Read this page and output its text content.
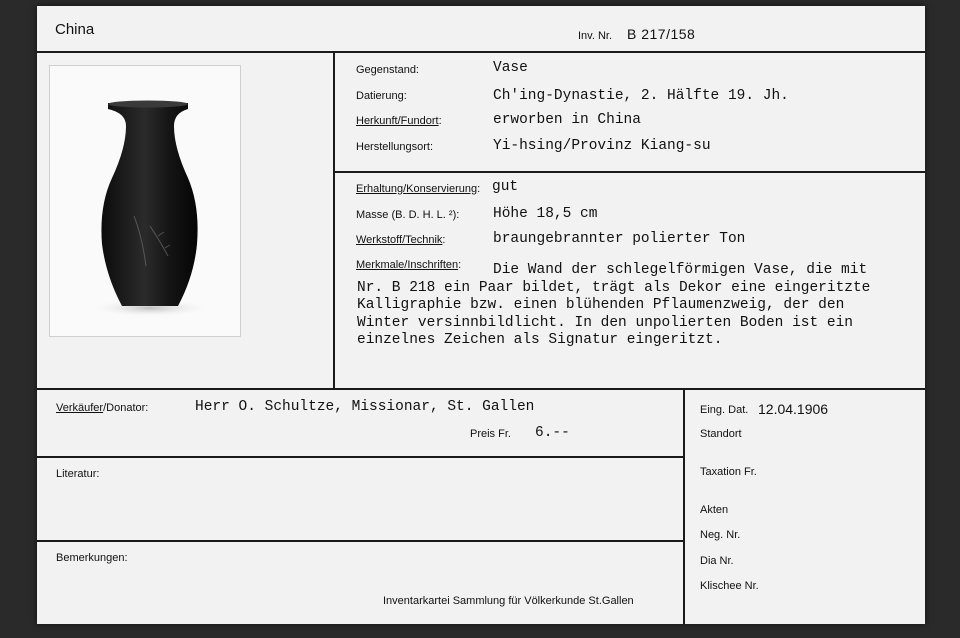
China	Inv. Nr. B 217/158
Gegenstand:	Vase
Datierung:	Ch'ing-Dynastie, 2. Hälfte 19. Jh.
Herkunft/Fundort:	erworben in China
Herstellungsort:	Yi-hsing/Provinz Kiang-su
Erhaltung/Konservierung: gut
Masse (B. D. H. L. ²): Höhe 18,5 cm
Werkstoff/Technik:	braungebrannter polierter Ton
Merkmale/Inschriften:	Die Wand der schlegelförmigen Vase, die mit Nr. B 218 ein Paar bildet, trägt als Dekor eine eingeritzte Kalligraphie bzw. einen blühenden Pflaumenzweig, der den Winter versinnbildlicht. In den unpolierten Boden ist ein einzelnes Zeichen als Signatur eingeritzt.
Verkäufer/Donator:	Herr O. Schultze, Missionar, St. Gallen
Preis Fr. 6.--
Literatur:
Bemerkungen:
Inventarkartei Sammlung für Völkerkunde St.Gallen
Eing. Dat. 12.04.1906
Standort
Taxation Fr.
Akten
Neg. Nr.
Dia Nr.
Klischee Nr.
